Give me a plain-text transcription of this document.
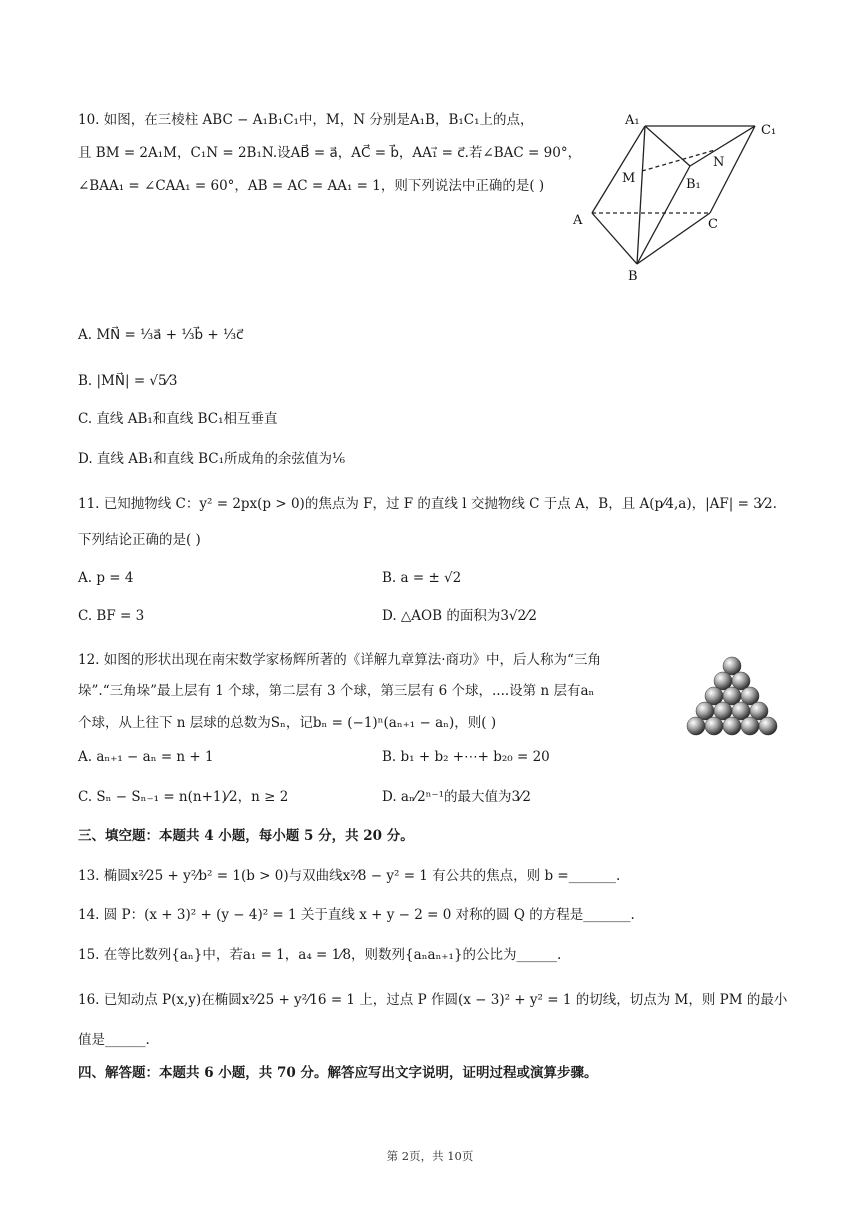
10. 如图，在三棱柱 ABC − A₁B₁C₁中，M，N 分别是A₁B，B₁C₁上的点，
且 BM = 2A₁M，C₁N = 2B₁N.设AB⃗ = a⃗，AC⃗ = b⃗，AA₁⃗ = c⃗.若∠BAC = 90°，
∠BAA₁ = ∠CAA₁ = 60°，AB = AC = AA₁ = 1，则下列说法中正确的是( )
A₁
C₁
N
M	B₁
A	C
B
A. MN⃗ = ⅓a⃗ + ⅓b⃗ + ⅓c⃗
B. |MN⃗| = √5⁄3
C. 直线 AB₁和直线 BC₁相互垂直
D. 直线 AB₁和直线 BC₁所成角的余弦值为⅙
11. 已知抛物线 C：y² = 2px(p > 0)的焦点为 F，过 F 的直线 l 交抛物线 C 于点 A，B，且 A(p⁄4,a)，|AF| = 3⁄2.
下列结论正确的是( )
A. p = 4	B. a = ± √2
C. BF = 3	D. △AOB 的面积为3√2⁄2
12. 如图的形状出现在南宋数学家杨辉所著的《详解九章算法·商功》中，后人称为“三角
垛”.“三角垛”最上层有 1 个球，第二层有 3 个球，第三层有 6 个球，....设第 n 层有aₙ
个球，从上往下 n 层球的总数为Sₙ，记bₙ = (−1)ⁿ(aₙ₊₁ − aₙ)，则( )
A. aₙ₊₁ − aₙ = n + 1	B. b₁ + b₂ +⋯+ b₂₀ = 20
C. Sₙ − Sₙ₋₁ = n(n+1)⁄2，n ≥ 2	D. aₙ⁄2ⁿ⁻¹的最大值为3⁄2
三、填空题：本题共 4 小题，每小题 5 分，共 20 分。
13. 椭圆x²⁄25 + y²⁄b² = 1(b > 0)与双曲线x²⁄8 − y² = 1 有公共的焦点，则 b =_______.
14. 圆 P：(x + 3)² + (y − 4)² = 1 关于直线 x + y − 2 = 0 对称的圆 Q 的方程是_______.
15. 在等比数列{aₙ}中，若a₁ = 1，a₄ = 1⁄8，则数列{aₙaₙ₊₁}的公比为______.
16. 已知动点 P(x,y)在椭圆x²⁄25 + y²⁄16 = 1 上，过点 P 作圆(x − 3)² + y² = 1 的切线，切点为 M，则 PM 的最小
值是______.
四、解答题：本题共 6 小题，共 70 分。解答应写出文字说明，证明过程或演算步骤。
第 2页，共 10页
